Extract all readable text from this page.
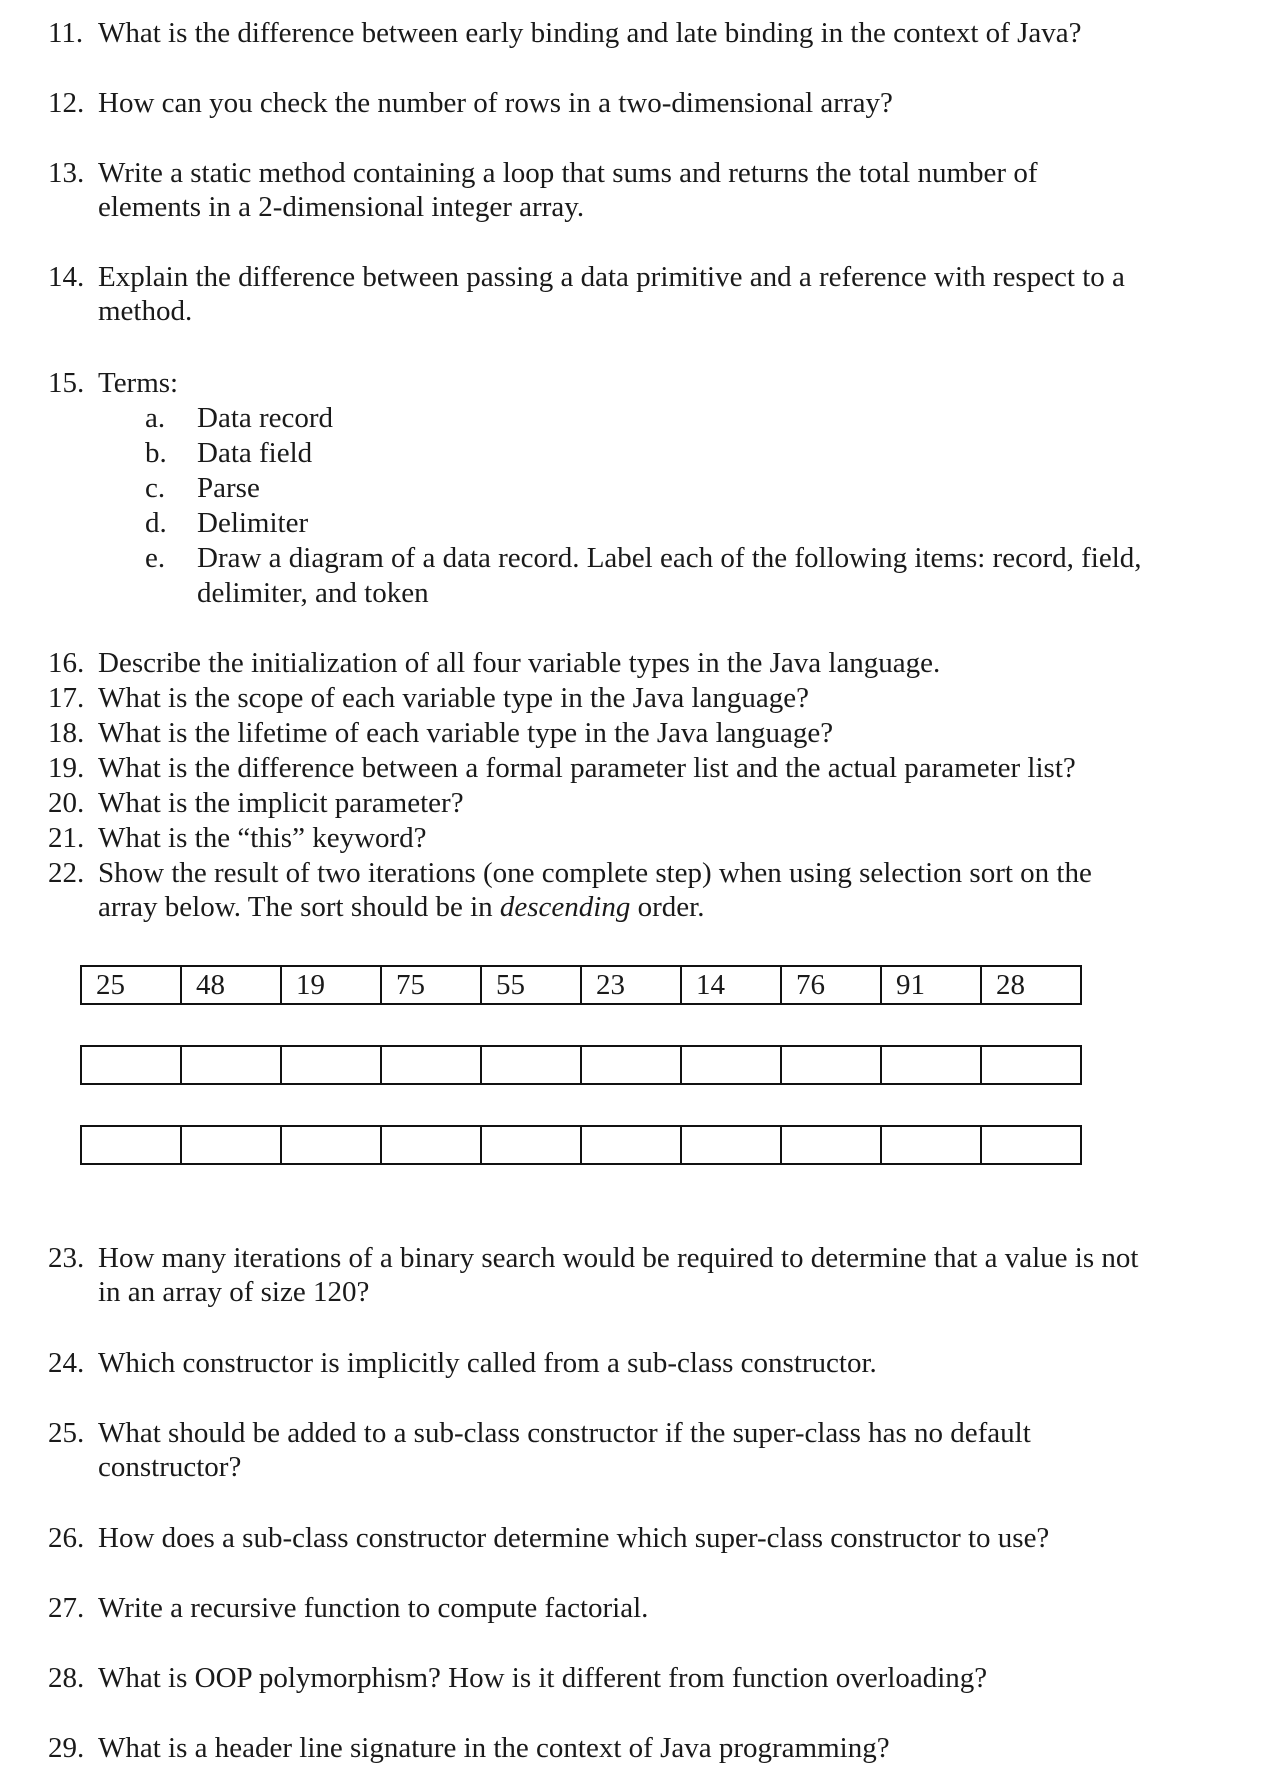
11. What is the difference between early binding and late binding in the context of Java?
12. How can you check the number of rows in a two-dimensional array?
13. Write a static method containing a loop that sums and returns the total number of
elements in a 2-dimensional integer array.
14. Explain the difference between passing a data primitive and a reference with respect to a
method.
15. Terms:
a. Data record
b. Data field
c. Parse
d. Delimiter
e. Draw a diagram of a data record. Label each of the following items: record, field,
delimiter, and token
16. Describe the initialization of all four variable types in the Java language.
17. What is the scope of each variable type in the Java language?
18. What is the lifetime of each variable type in the Java language?
19. What is the difference between a formal parameter list and the actual parameter list?
20. What is the implicit parameter?
21. What is the “this” keyword?
22. Show the result of two iterations (one complete step) when using selection sort on the
array below. The sort should be in descending order.
25	48	19	75	55	23	14	76	91	28
23. How many iterations of a binary search would be required to determine that a value is not
in an array of size 120?
24. Which constructor is implicitly called from a sub-class constructor.
25. What should be added to a sub-class constructor if the super-class has no default
constructor?
26. How does a sub-class constructor determine which super-class constructor to use?
27. Write a recursive function to compute factorial.
28. What is OOP polymorphism? How is it different from function overloading?
29. What is a header line signature in the context of Java programming?
